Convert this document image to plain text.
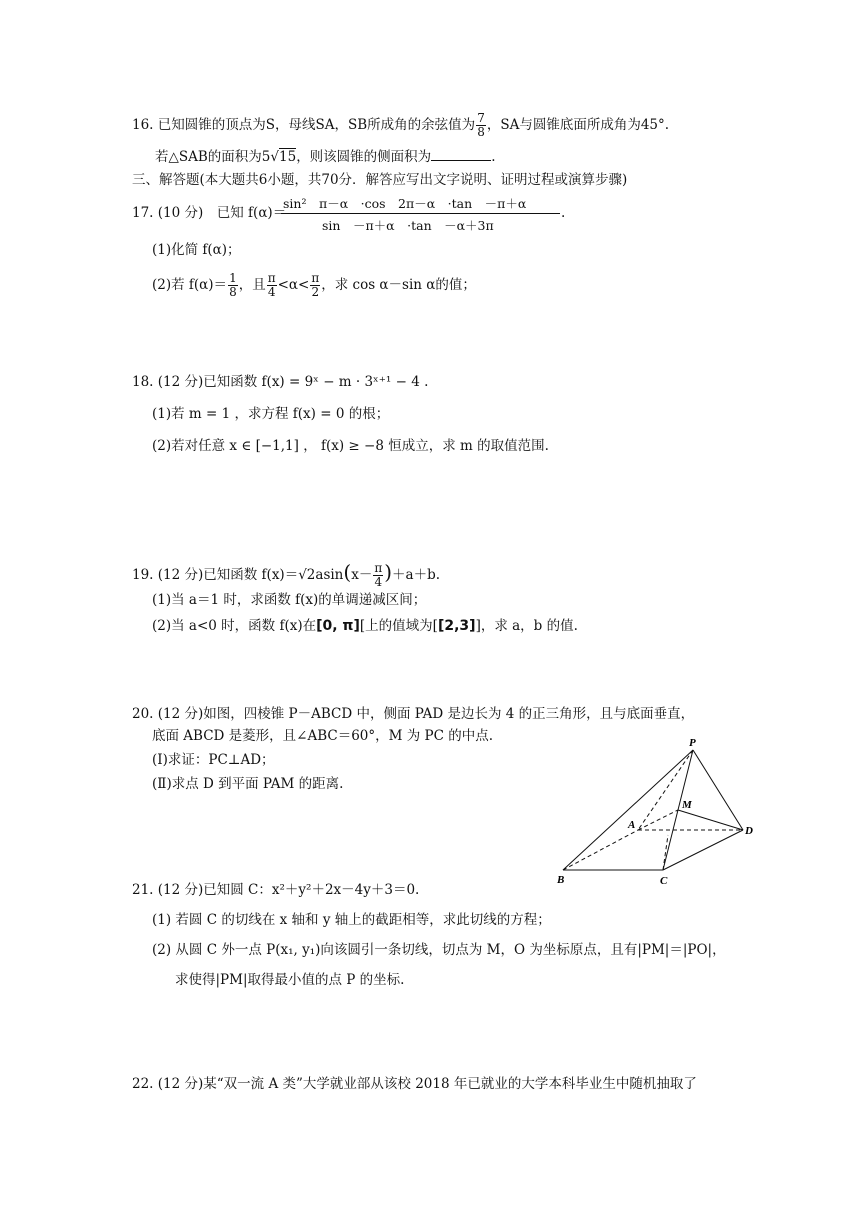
16. 已知圆锥的顶点为S，母线SA，SB所成角的余弦值为 $\frac{7}{8}$ ，SA与圆锥底面所成角为45°.
若△SAB的面积为5√15，则该圆锥的侧面积为	.
三、解答题(本大题共6小题，共70分．解答应写出文字说明、证明过程或演算步骤)
17. (10 分)　已知 f(α)＝
sin²　π－α　·cos　2π－α　·tan　－π＋α
sin　－π＋α　·tan　－α＋3π
.
(1)化简 f(α)；
(2)若 $f(\alpha)= \frac{1}{8}$ ，且 $\frac{\pi}{4} <\alpha< \frac{\pi}{2}$ ，求 cos α－sin α的值；
18. (12 分)已知函数 f(x) = 9ˣ − m · 3ˣ⁺¹ − 4 .
(1)若 m = 1 ，求方程 f(x) = 0 的根；
(2)若对任意 x ∈ [−1,1] ， f(x) ≥ −8 恒成立，求 m 的取值范围.
19. (12 分)已知函数 $f(x)=√2asin(x- \frac{\pi}{4} )+a+b$.
(1)当 a＝1 时，求函数 f(x)的单调递减区间；
(2)当 a<0 时，函数 f(x)在[0, π][上的值域为[[2,3]]，求 a，b 的值.
20. (12 分)如图，四棱锥 P－ABCD 中，侧面 PAD 是边长为 4 的正三角形，且与底面垂直，
底面 ABCD 是菱形，且∠ABC＝60°，M 为 PC 的中点.
(Ⅰ)求证：PC⊥AD；
(Ⅱ)求点 D 到平面 PAM 的距离.
P
M
A	D
B	C
21. (12 分)已知圆 C：x²＋y²＋2x－4y＋3＝0.
(1) 若圆 C 的切线在 x 轴和 y 轴上的截距相等，求此切线的方程；
(2) 从圆 C 外一点 P(x₁, y₁)向该圆引一条切线，切点为 M，O 为坐标原点，且有|PM|＝|PO|，
求使得|PM|取得最小值的点 P 的坐标.
22. (12 分)某“双一流 A 类”大学就业部从该校 2018 年已就业的大学本科毕业生中随机抽取了
